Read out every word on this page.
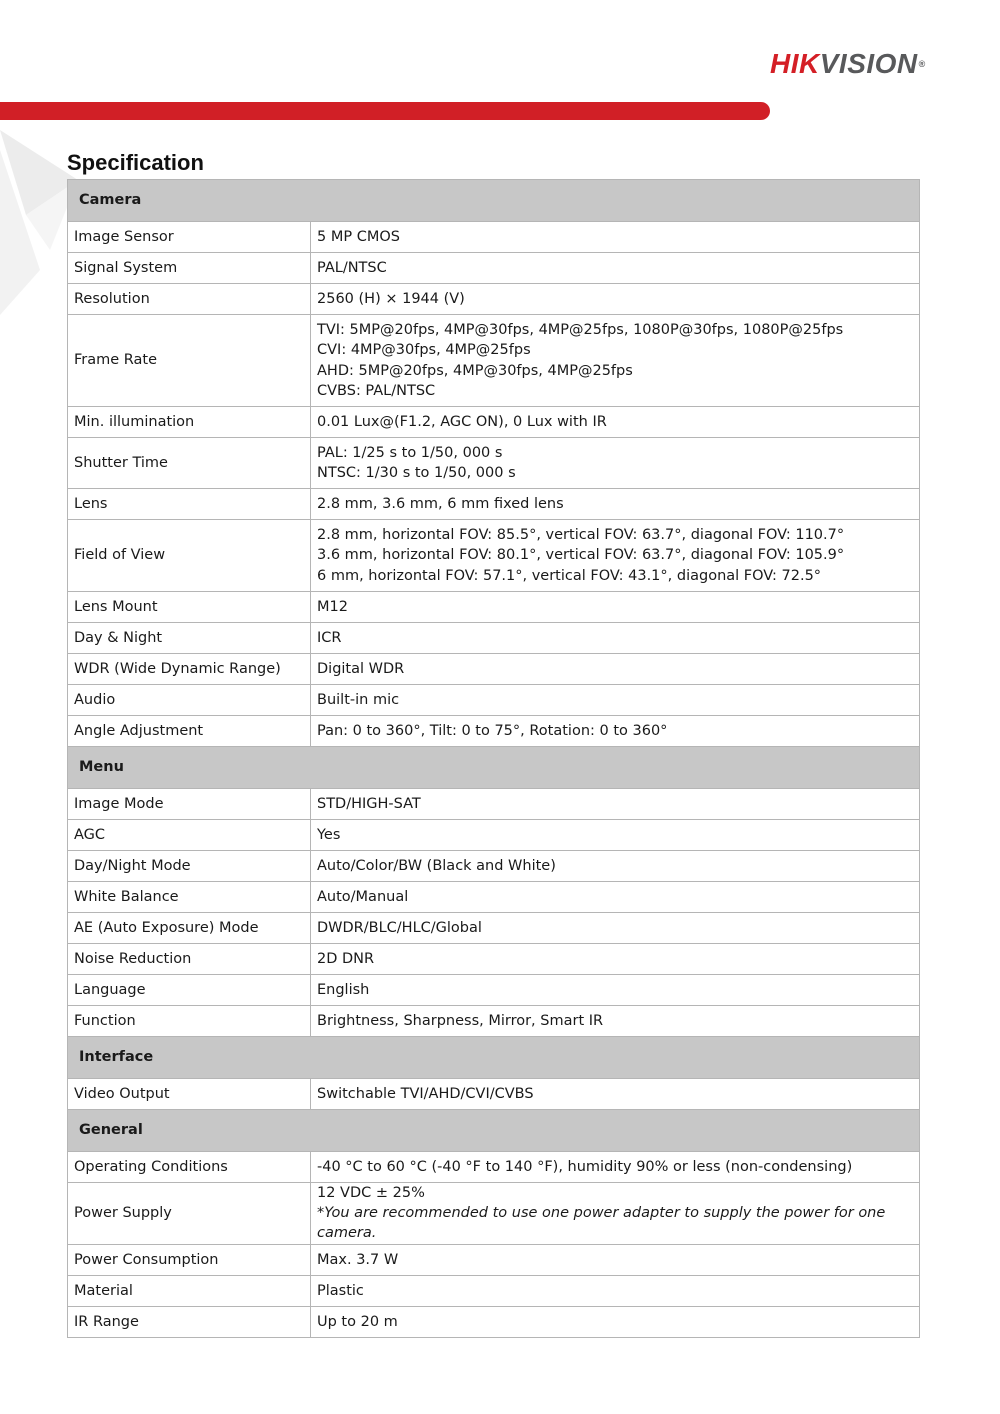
HIKVISION®
Specification
Camera	
Image Sensor	5 MP CMOS

Signal System	PAL/NTSC

Resolution	2560 (H) × 1944 (V)

Frame Rate	TVI: 5MP@20fps, 4MP@30fps, 4MP@25fps, 1080P@30fps, 1080P@25fps
CVI: 4MP@30fps, 4MP@25fps
AHD: 5MP@20fps, 4MP@30fps, 4MP@25fps
CVBS: PAL/NTSC

Min. illumination	0.01 Lux@(F1.2, AGC ON), 0 Lux with IR

Shutter Time	PAL: 1/25 s to 1/50, 000 s
NTSC: 1/30 s to 1/50, 000 s

Lens	2.8 mm, 3.6 mm, 6 mm fixed lens

Field of View	2.8 mm, horizontal FOV: 85.5°, vertical FOV: 63.7°, diagonal FOV: 110.7°
3.6 mm, horizontal FOV: 80.1°, vertical FOV: 63.7°, diagonal FOV: 105.9°
6 mm, horizontal FOV: 57.1°, vertical FOV: 43.1°, diagonal FOV: 72.5°

Lens Mount	M12

Day & Night	ICR

WDR (Wide Dynamic Range)	Digital WDR

Audio	Built-in mic

Angle Adjustment	Pan: 0 to 360°, Tilt: 0 to 75°, Rotation: 0 to 360°

Menu	
Image Mode	STD/HIGH-SAT

AGC	Yes

Day/Night Mode	Auto/Color/BW (Black and White)

White Balance	Auto/Manual

AE (Auto Exposure) Mode	DWDR/BLC/HLC/Global

Noise Reduction	2D DNR

Language	English

Function	Brightness, Sharpness, Mirror, Smart IR

Interface	
Video Output	Switchable TVI/AHD/CVI/CVBS

General	
Operating Conditions	-40 °C to 60 °C (-40 °F to 140 °F), humidity 90% or less (non-condensing)

Power Supply	12 VDC ± 25%
*You are recommended to use one power adapter to supply the power for one camera.

Power Consumption	Max. 3.7 W

Material	Plastic

IR Range	Up to 20 m
